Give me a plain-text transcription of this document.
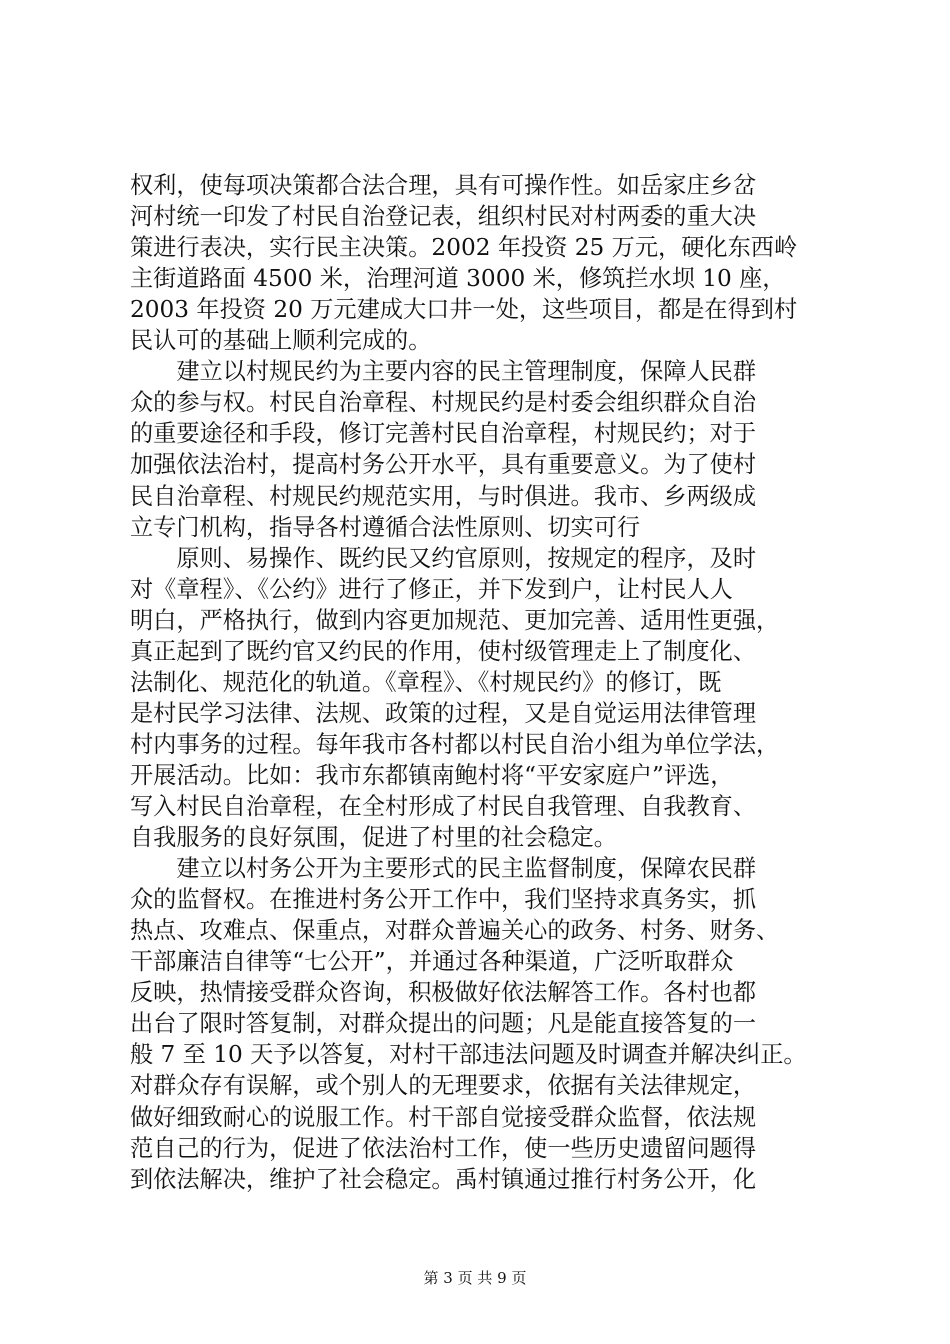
权利，使每项决策都合法合理，具有可操作性。如岳家庄乡岔
河村统一印发了村民自治登记表，组织村民对村两委的重大决
策进行表决，实行民主决策。2002 年投资 25 万元，硬化东西岭
主街道路面 4500 米，治理河道 3000 米，修筑拦水坝 10 座，
2003 年投资 20 万元建成大口井一处，这些项目，都是在得到村
民认可的基础上顺利完成的。
　　建立以村规民约为主要内容的民主管理制度，保障人民群
众的参与权。村民自治章程、村规民约是村委会组织群众自治
的重要途径和手段，修订完善村民自治章程，村规民约；对于
加强依法治村，提高村务公开水平，具有重要意义。为了使村
民自治章程、村规民约规范实用，与时俱进。我市、乡两级成
立专门机构，指导各村遵循合法性原则、切实可行
　　原则、易操作、既约民又约官原则，按规定的程序，及时
对《章程》、《公约》进行了修正，并下发到户，让村民人人
明白，严格执行，做到内容更加规范、更加完善、适用性更强，
真正起到了既约官又约民的作用，使村级管理走上了制度化、
法制化、规范化的轨道。《章程》、《村规民约》的修订，既
是村民学习法律、法规、政策的过程，又是自觉运用法律管理
村内事务的过程。每年我市各村都以村民自治小组为单位学法，
开展活动。比如：我市东都镇南鲍村将“平安家庭户”评选，
写入村民自治章程，在全村形成了村民自我管理、自我教育、
自我服务的良好氛围，促进了村里的社会稳定。
　　建立以村务公开为主要形式的民主监督制度，保障农民群
众的监督权。在推进村务公开工作中，我们坚持求真务实，抓
热点、攻难点、保重点，对群众普遍关心的政务、村务、财务、
干部廉洁自律等“七公开”，并通过各种渠道，广泛听取群众
反映，热情接受群众咨询，积极做好依法解答工作。各村也都
出台了限时答复制，对群众提出的问题；凡是能直接答复的一
般 7 至 10 天予以答复，对村干部违法问题及时调查并解决纠正。
对群众存有误解，或个别人的无理要求，依据有关法律规定，
做好细致耐心的说服工作。村干部自觉接受群众监督，依法规
范自己的行为，促进了依法治村工作，使一些历史遗留问题得
到依法解决，维护了社会稳定。禹村镇通过推行村务公开，化
第 3 页 共 9 页
